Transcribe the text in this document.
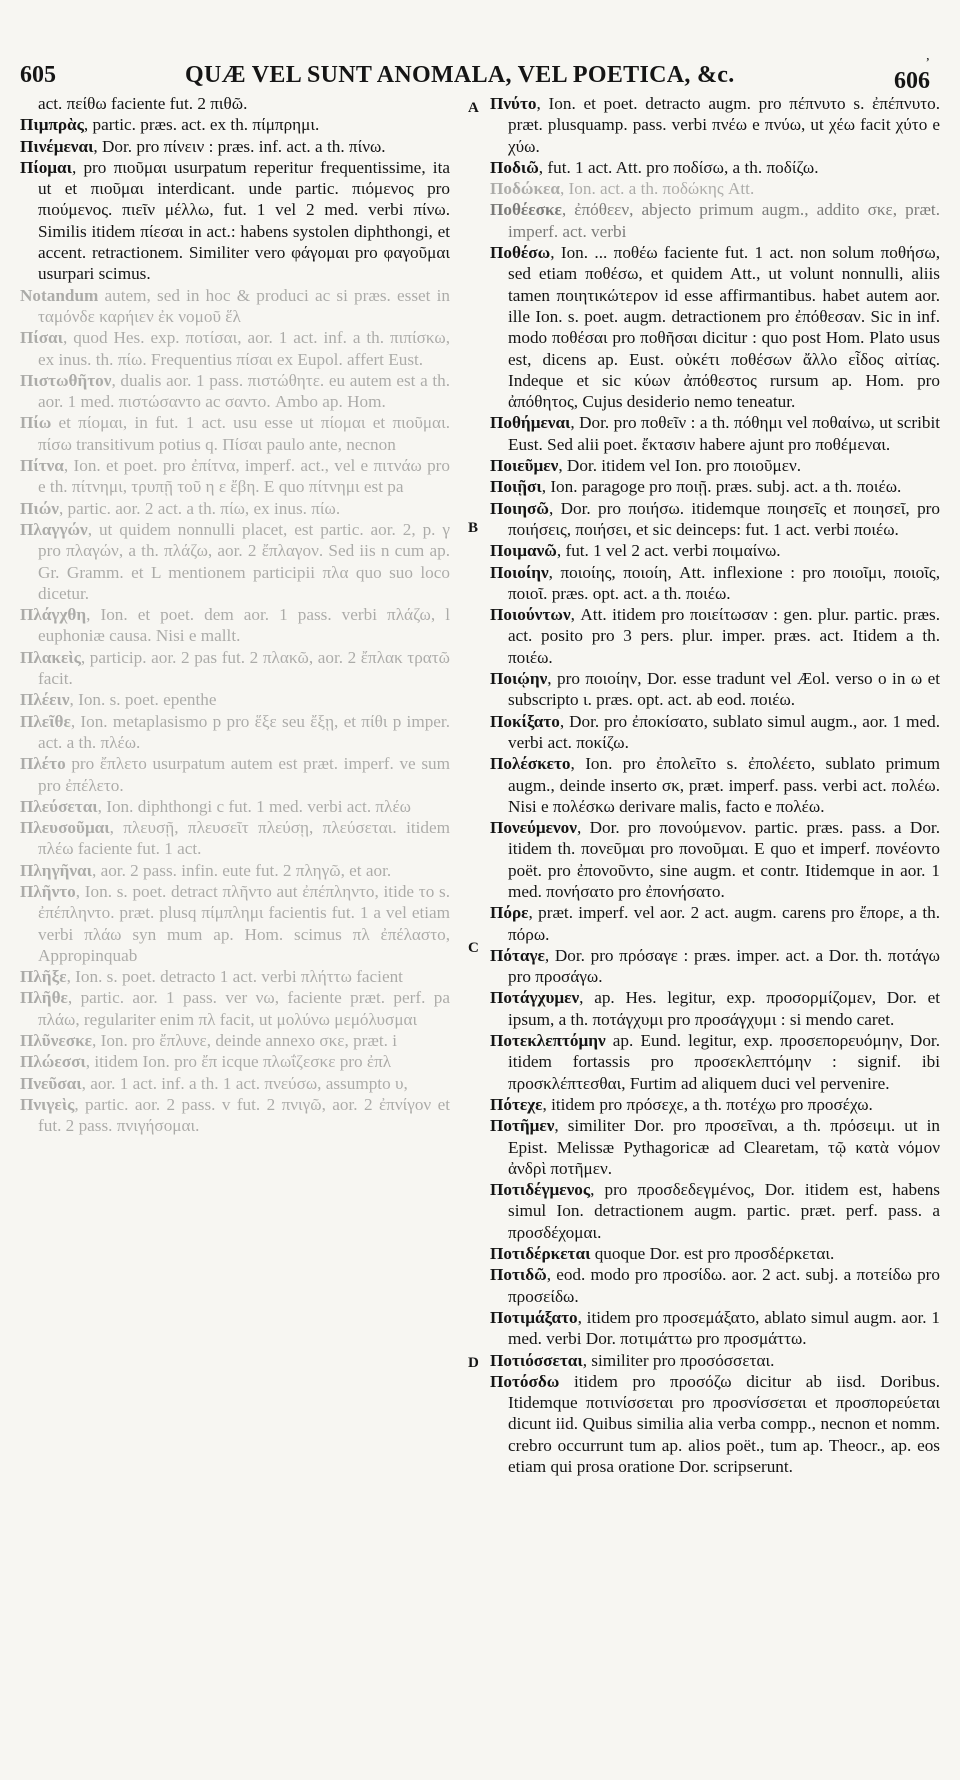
605	QUÆ VEL SUNT ANOMALA, VEL POETICA, &c.	ʼ
606

act. πείθω faciente fut. 2 πιθῶ.

Πιμπρὰς, partic. præs. act. ex th. πίμπρημι.

Πινέμεναι, Dor. pro πίνειν : præs. inf. act. a th. πίνω.

Πίομαι, pro πιοῦμαι usurpatum reperitur frequentissime, ita ut et πιοῦμαι interdicant. unde partic. πιόμενος pro πιούμενος. πιεῖν μέλλω, fut. 1 vel 2 med. verbi πίνω. Similis itidem πίεσαι in act.: habens systolen diphthongi, et accent. retractionem. Similiter vero φάγομαι pro φαγοῦμαι usurpari scimus.

Notandum autem, sed in hoc & produci ac si præs. esset in ταμόνδε καρήιεν ἐκ νομοῦ ἕλ

Πίσαι, quod Hes. exp. ποτίσαι, aor. 1 act. inf. a th. πιπίσκω, ex inus. th. πίω. Frequentius πίσαι ex Eupol. affert Eust.

Πιστωθῆτον, dualis aor. 1 pass. πιστώθητε. eu autem est a th. aor. 1 med. πιστώσαντο ac σαντο. Ambo ap. Hom.

Πίω et πίομαι, in fut. 1 act. usu esse ut πίομαι et πιοῦμαι. πίσω transitivum potius q. Πίσαι paulo ante, necnon

Πίτνα, Ion. et poet. pro ἐπίτνα, imperf. act., vel e πιτνάω pro e th. πίτνημι, τρυπῇ τοῦ η ε ἔβη. E quo πίτνημι est pa

Πιών, partic. aor. 2 act. a th. πίω, ex inus. πίω.

Πλαγγών, ut quidem nonnulli placet, est partic. aor. 2, p. γ pro πλαγών, a th. πλάζω, aor. 2 ἔπλαγον. Sed iis n cum ap. Gr. Gramm. et L mentionem participii πλα quo suo loco dicetur.

Πλάγχθη, Ion. et poet. dem aor. 1 pass. verbi πλάζω, l euphoniæ causa. Nisi e mallt.

Πλακεὶς, particip. aor. 2 pas fut. 2 πλακῶ, aor. 2 ἔπλακ τρατῶ facit.

Πλέειν, Ion. s. poet. epenthe

Πλεῖθε, Ion. metaplasismo p pro ἕξε seu ἔξῃ, et πίθι p imper. act. a th. πλέω.

Πλέτο pro ἔπλετο usurpatum autem est præt. imperf. ve sum pro ἐπέλετο.

Πλεύσεται, Ion. diphthongi c fut. 1 med. verbi act. πλέω

Πλευσοῦμαι, πλευσῇ, πλευσεῖτ πλεύσῃ, πλεύσεται. itidem πλέω faciente fut. 1 act.

Πληγῆναι, aor. 2 pass. infin. eute fut. 2 πληγῶ, et aor.

Πλῆντο, Ion. s. poet. detract πλῆντο aut ἐπέπληντο, itide το s. ἐπέπληντο. præt. plusq πίμπλημι facientis fut. 1 a vel etiam verbi πλάω syn mum ap. Hom. scimus πλ ἐπέλαστο, Appropinquab

Πλῆξε, Ion. s. poet. detracto 1 act. verbi πλήττω facient

Πλῆθε, partic. aor. 1 pass. ver νω, faciente præt. perf. pa πλάω, regulariter enim πλ facit, ut μολύνω μεμόλυσμαι

Πλῦνεσκε, Ion. pro ἔπλυνε, deinde annexo σκε, præt. i

Πλώεσσι, itidem Ion. pro ἔπ icque πλωΐζεσκε pro ἐπλ

Πνεῦσαι, aor. 1 act. inf. a th. 1 act. πνεύσω, assumpto υ,

Πνιγεὶς, partic. aor. 2 pass. v fut. 2 πνιγῶ, aor. 2 ἐπνίγον et fut. 2 pass. πνιγήσομαι.

Πνύτο, Ion. et poet. detracto augm. pro πέπνυτο s. ἐπέπνυτο. præt. plusquamp. pass. verbi πνέω e πνύω, ut χέω facit χύτο e χύω.

Ποδιῶ, fut. 1 act. Att. pro ποδίσω, a th. ποδίζω.

Ποδώκεα, Ion. act. a th. ποδώκης Att.

Ποθέεσκε, ἐπόθεεν, abjecto primum augm., addito σκε, præt. imperf. act. verbi

Ποθέσω, Ion. ... ποθέω faciente fut. 1 act. non solum ποθήσω, sed etiam ποθέσω, et quidem Att., ut volunt nonnulli, aliis tamen ποιητικώτερον id esse affirmantibus. habet autem aor. ille Ion. s. poet. augm. detractionem pro ἐπόθεσαν. Sic in inf. modo ποθέσαι pro ποθῆσαι dicitur : quo post Hom. Plato usus est, dicens ap. Eust. οὐκέτι ποθέσων ἄλλο εἶδος αἰτίας. Indeque et sic κύων ἀπόθεστος rursum ap. Hom. pro ἀπόθητος, Cujus desiderio nemo teneatur.

Ποθήμεναι, Dor. pro ποθεῖν : a th. πόθημι vel ποθαίνω, ut scribit Eust. Sed alii poet. ἔκτασιν habere ajunt pro ποθέμεναι.

Ποιεῦμεν, Dor. itidem vel Ion. pro ποιοῦμεν.

Ποιῇσι, Ion. paragoge pro ποιῇ. præs. subj. act. a th. ποιέω.

Ποιησῶ, Dor. pro ποιήσω. itidemque ποιησεῖς et ποιησεῖ, pro ποιήσεις, ποιήσει, et sic deinceps: fut. 1 act. verbi ποιέω.

Ποιμανῶ, fut. 1 vel 2 act. verbi ποιμαίνω.

Ποιοίην, ποιοίης, ποιοίη, Att. inflexione : pro ποιοῖμι, ποιοῖς, ποιοῖ. præs. opt. act. a th. ποιέω.

Ποιούντων, Att. itidem pro ποιείτωσαν : gen. plur. partic. præs. act. posito pro 3 pers. plur. imper. præs. act. Itidem a th. ποιέω.

Ποιῴην, pro ποιοίην, Dor. esse tradunt vel Æol. verso ο in ω et subscripto ι. præs. opt. act. ab eod. ποιέω.

Ποκίξατο, Dor. pro ἐποκίσατο, sublato simul augm., aor. 1 med. verbi act. ποκίζω.

Πολέσκετο, Ion. pro ἐπολεῖτο s. ἐπολέετο, sublato primum augm., deinde inserto σκ, præt. imperf. pass. verbi act. πολέω. Nisi e πολέσκω derivare malis, facto e πολέω.

Πονεύμενον, Dor. pro πονούμενον. partic. præs. pass. a Dor. itidem th. πονεῦμαι pro πονοῦμαι. E quo et imperf. πονέοντο poët. pro ἐπονοῦντο, sine augm. et contr. Itidemque in aor. 1 med. πονήσατο pro ἐπονήσατο.

Πόρε, præt. imperf. vel aor. 2 act. augm. carens pro ἔπορε, a th. πόρω.

Πόταγε, Dor. pro πρόσαγε : præs. imper. act. a Dor. th. ποτάγω pro προσάγω.

Ποτάγχυμεν, ap. Hes. legitur, exp. προσορμίζομεν, Dor. et ipsum, a th. ποτάγχυμι pro προσάγχυμι : si mendo caret.

Ποτεκλεπτόμην ap. Eund. legitur, exp. προσεπορευόμην, Dor. itidem fortassis pro προσεκλεπτόμην : signif. ibi προσκλέπτεσθαι, Furtim ad aliquem duci vel pervenire.

Πότεχε, itidem pro πρόσεχε, a th. ποτέχω pro προσέχω.

Ποτῆμεν, similiter Dor. pro προσεῖναι, a th. πρόσειμι. ut in Epist. Melissæ Pythagoricæ ad Clearetam, τῷ κατὰ νόμον ἀνδρὶ ποτῆμεν.

Ποτιδέγμενος, pro προσδεδεγμένος, Dor. itidem est, habens simul Ion. detractionem augm. partic. præt. perf. pass. a προσδέχομαι.

Ποτιδέρκεται quoque Dor. est pro προσδέρκεται.

Ποτιδῶ, eod. modo pro προσίδω. aor. 2 act. subj. a ποτείδω pro προσείδω.

Ποτιμάξατο, itidem pro προσεμάξατο, ablato simul augm. aor. 1 med. verbi Dor. ποτιμάττω pro προσμάττω.

Ποτιόσσεται, similiter pro προσόσσεται.

Ποτόσδω itidem pro προσόζω dicitur ab iisd. Doribus. Itidemque ποτινίσσεται pro προσνίσσεται et προσπορεύεται dicunt iid. Quibus similia alia verba compp., necnon et nomm. crebro occurrunt tum ap. alios poët., tum ap. Theocr., ap. eos etiam qui prosa oratione Dor. scripserunt.

A
B
C
D
